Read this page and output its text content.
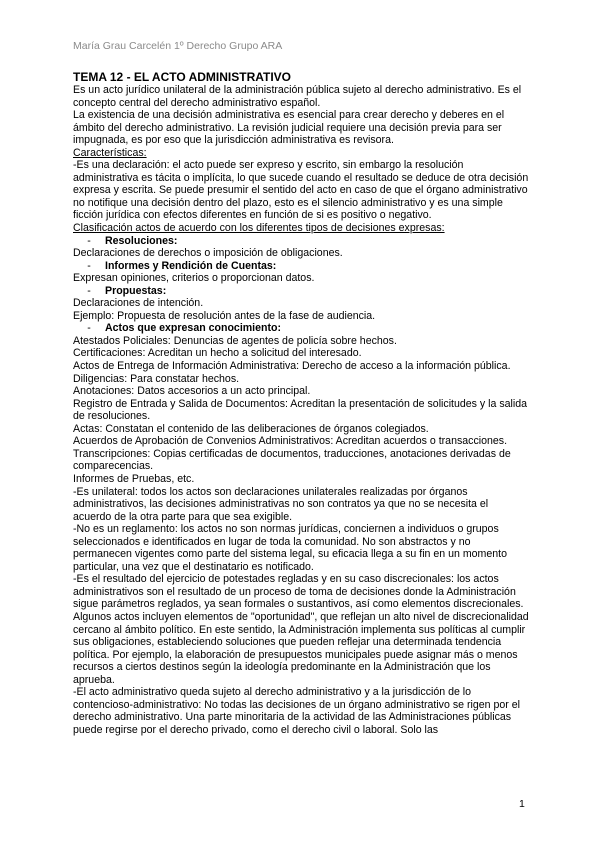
María Grau Carcelén 1º Derecho Grupo ARA

TEMA 12 - EL ACTO ADMINISTRATIVO

Es un acto jurídico unilateral de la administración pública sujeto al derecho administrativo. Es el concepto central del derecho administrativo español.

La existencia de una decisión administrativa es esencial para crear derecho y deberes en el ámbito del derecho administrativo. La revisión judicial requiere una decisión previa para ser impugnada, es por eso que la jurisdicción administrativa es revisora.

Características:

-Es una declaración: el acto puede ser expreso y escrito, sin embargo la resolución administrativa es tácita o implícita, lo que sucede cuando el resultado se deduce de otra decisión expresa y escrita. Se puede presumir el sentido del acto en caso de que el órgano administrativo no notifique una decisión dentro del plazo, esto es el silencio administrativo y es una simple ficción jurídica con efectos diferentes en función de si es positivo o negativo.

Clasificación actos de acuerdo con los diferentes tipos de decisiones expresas:

- Resoluciones:

Declaraciones de derechos o imposición de obligaciones.

- Informes y Rendición de Cuentas:

Expresan opiniones, criterios o proporcionan datos.

- Propuestas:

Declaraciones de intención.

Ejemplo: Propuesta de resolución antes de la fase de audiencia.

- Actos que expresan conocimiento:

Atestados Policiales: Denuncias de agentes de policía sobre hechos.

Certificaciones: Acreditan un hecho a solicitud del interesado.

Actos de Entrega de Información Administrativa: Derecho de acceso a la información pública.

Diligencias: Para constatar hechos.

Anotaciones: Datos accesorios a un acto principal.

Registro de Entrada y Salida de Documentos: Acreditan la presentación de solicitudes y la salida de resoluciones.

Actas: Constatan el contenido de las deliberaciones de órganos colegiados.

Acuerdos de Aprobación de Convenios Administrativos: Acreditan acuerdos o transacciones.

Transcripciones: Copias certificadas de documentos, traducciones, anotaciones derivadas de comparecencias.

Informes de Pruebas, etc.

-Es unilateral: todos los actos son declaraciones unilaterales realizadas por órganos administrativos, las decisiones administrativas no son contratos ya que no se necesita el acuerdo de la otra parte para que sea exigible.

-No es un reglamento: los actos no son normas jurídicas, conciernen a individuos o grupos seleccionados e identificados en lugar de toda la comunidad. No son abstractos y no permanecen vigentes como parte del sistema legal, su eficacia llega a su fin en un momento particular, una vez que el destinatario es notificado.

-Es el resultado del ejercicio de potestades regladas y en su caso discrecionales: los actos administrativos son el resultado de un proceso de toma de decisiones donde la Administración sigue parámetros reglados, ya sean formales o sustantivos, así como elementos discrecionales. Algunos actos incluyen elementos de "oportunidad", que reflejan un alto nivel de discrecionalidad cercano al ámbito político. En este sentido, la Administración implementa sus políticas al cumplir sus obligaciones, estableciendo soluciones que pueden reflejar una determinada tendencia política. Por ejemplo, la elaboración de presupuestos municipales puede asignar más o menos recursos a ciertos destinos según la ideología predominante en la Administración que los aprueba.

-El acto administrativo queda sujeto al derecho administrativo y a la jurisdicción de lo contencioso-administrativo: No todas las decisiones de un órgano administrativo se rigen por el derecho administrativo. Una parte minoritaria de la actividad de las Administraciones públicas puede regirse por el derecho privado, como el derecho civil o laboral. Solo las

1
